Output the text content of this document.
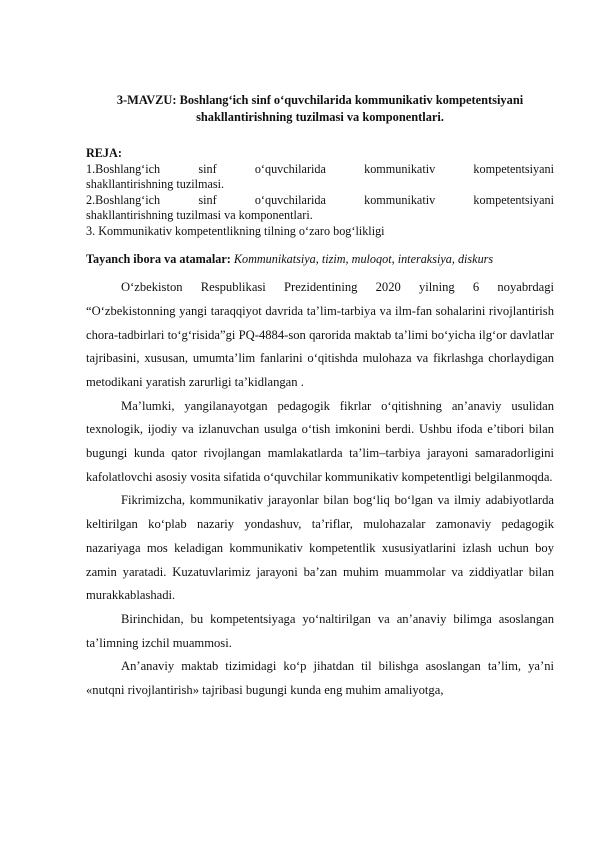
3-MAVZU: Boshlang‘ich sinf o‘quvchilarida kommunikativ kompetentsiyani
shakllantirishning tuzilmasi va komponentlari.
REJA:
1.Boshlang‘ich sinf o‘quvchilarida kommunikativ kompetentsiyani
shakllantirishning tuzilmasi.
2.Boshlang‘ich sinf o‘quvchilarida kommunikativ kompetentsiyani
shakllantirishning tuzilmasi va komponentlari.
3. Kommunikativ kompetentlikning tilning o‘zaro bog‘likligi
Tayanch ibora va atamalar: Kommunikatsiya, tizim, muloqot, interaksiya, diskurs

O‘zbekiston Respublikasi Prezidentining 2020 yilning 6 noyabrdagi “O‘zbekistonning yangi taraqqiyot davrida ta’lim-tarbiya va ilm-fan sohalarini rivojlantirish chora-tadbirlari to‘g‘risida”gi PQ-4884-son qarorida maktab ta’limi bo‘yicha ilg‘or davlatlar tajribasini, xususan, umumta’lim fanlarini o‘qitishda mulohaza va fikrlashga chorlaydigan metodikani yaratish zarurligi ta’kidlangan .

Ma’lumki, yangilanayotgan pedagogik fikrlar o‘qitishning an’anaviy usulidan texnologik, ijodiy va izlanuvchan usulga o‘tish imkonini berdi. Ushbu ifoda e’tibori bilan bugungi kunda qator rivojlangan mamlakatlarda ta’lim–tarbiya jarayoni samaradorligini kafolatlovchi asosiy vosita sifatida o‘quvchilar kommunikativ kompetentligi belgilanmoqda.

Fikrimizcha, kommunikativ jarayonlar bilan bog‘liq bo‘lgan va ilmiy adabiyotlarda keltirilgan ko‘plab nazariy yondashuv, ta’riflar, mulohazalar zamonaviy pedagogik nazariyaga mos keladigan kommunikativ kompetentlik xususiyatlarini izlash uchun boy zamin yaratadi. Kuzatuvlarimiz jarayoni ba’zan muhim muammolar va ziddiyatlar bilan murakkablashadi.

Birinchidan, bu kompetentsiyaga yo‘naltirilgan va an’anaviy bilimga asoslangan ta’limning izchil muammosi.

An’anaviy maktab tizimidagi ko‘p jihatdan til bilishga asoslangan ta’lim, ya’ni «nutqni rivojlantirish» tajribasi bugungi kunda eng muhim amaliyotga,
